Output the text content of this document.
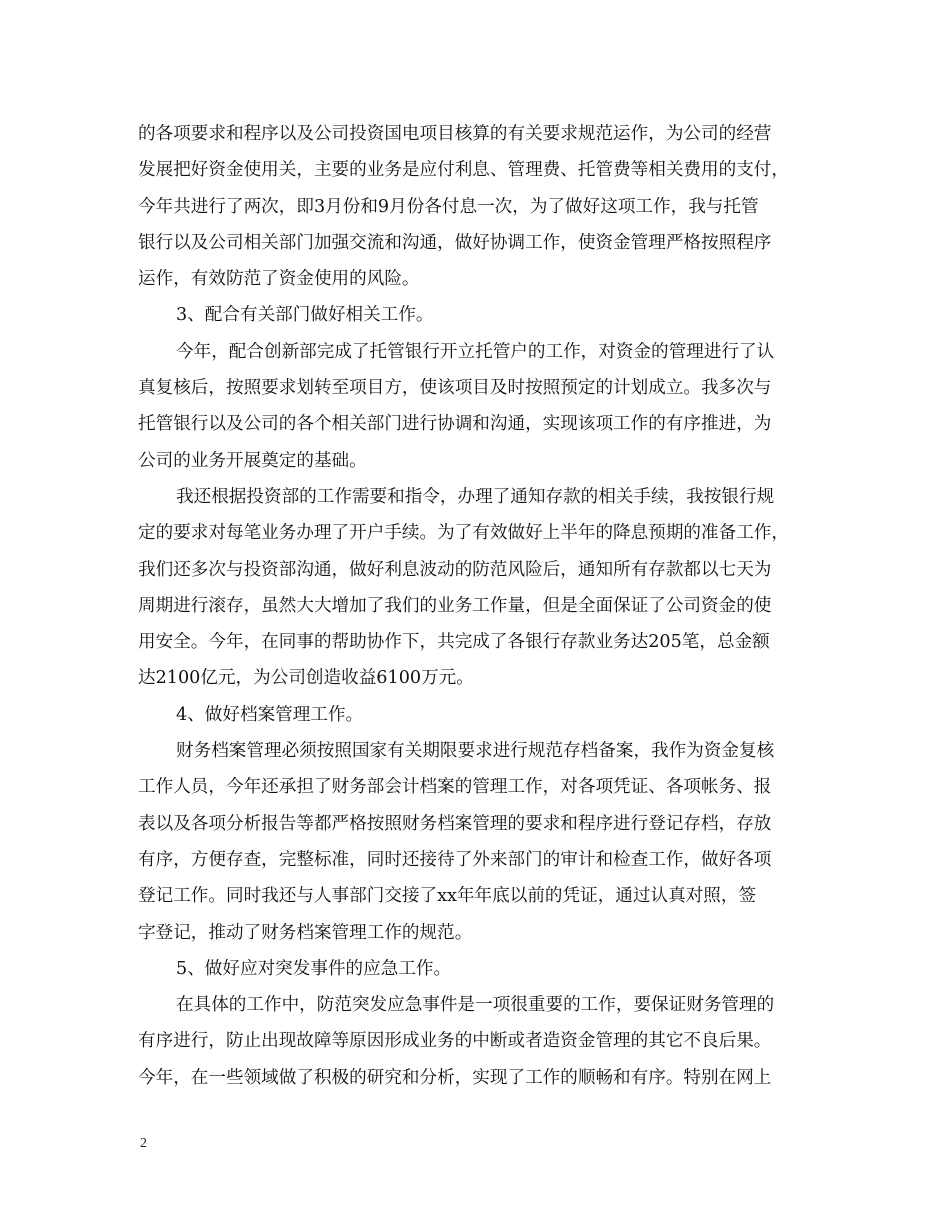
的各项要求和程序以及公司投资国电项目核算的有关要求规范运作，为公司的经营
发展把好资金使用关，主要的业务是应付利息、管理费、托管费等相关费用的支付，
今年共进行了两次，即3月份和9月份各付息一次，为了做好这项工作，我与托管
银行以及公司相关部门加强交流和沟通，做好协调工作，使资金管理严格按照程序
运作，有效防范了资金使用的风险。
3、配合有关部门做好相关工作。
今年，配合创新部完成了托管银行开立托管户的工作，对资金的管理进行了认
真复核后，按照要求划转至项目方，使该项目及时按照预定的计划成立。我多次与
托管银行以及公司的各个相关部门进行协调和沟通，实现该项工作的有序推进，为
公司的业务开展奠定的基础。
我还根据投资部的工作需要和指令，办理了通知存款的相关手续，我按银行规
定的要求对每笔业务办理了开户手续。为了有效做好上半年的降息预期的准备工作，
我们还多次与投资部沟通，做好利息波动的防范风险后，通知所有存款都以七天为
周期进行滚存，虽然大大增加了我们的业务工作量，但是全面保证了公司资金的使
用安全。今年，在同事的帮助协作下，共完成了各银行存款业务达205笔，总金额
达2100亿元，为公司创造收益6100万元。
4、做好档案管理工作。
财务档案管理必须按照国家有关期限要求进行规范存档备案，我作为资金复核
工作人员，今年还承担了财务部会计档案的管理工作，对各项凭证、各项帐务、报
表以及各项分析报告等都严格按照财务档案管理的要求和程序进行登记存档，存放
有序，方便存查，完整标准，同时还接待了外来部门的审计和检查工作，做好各项
登记工作。同时我还与人事部门交接了xx年年底以前的凭证，通过认真对照，签
字登记，推动了财务档案管理工作的规范。
5、做好应对突发事件的应急工作。
在具体的工作中，防范突发应急事件是一项很重要的工作，要保证财务管理的
有序进行，防止出现故障等原因形成业务的中断或者造资金管理的其它不良后果。
今年，在一些领域做了积极的研究和分析，实现了工作的顺畅和有序。特别在网上
2
